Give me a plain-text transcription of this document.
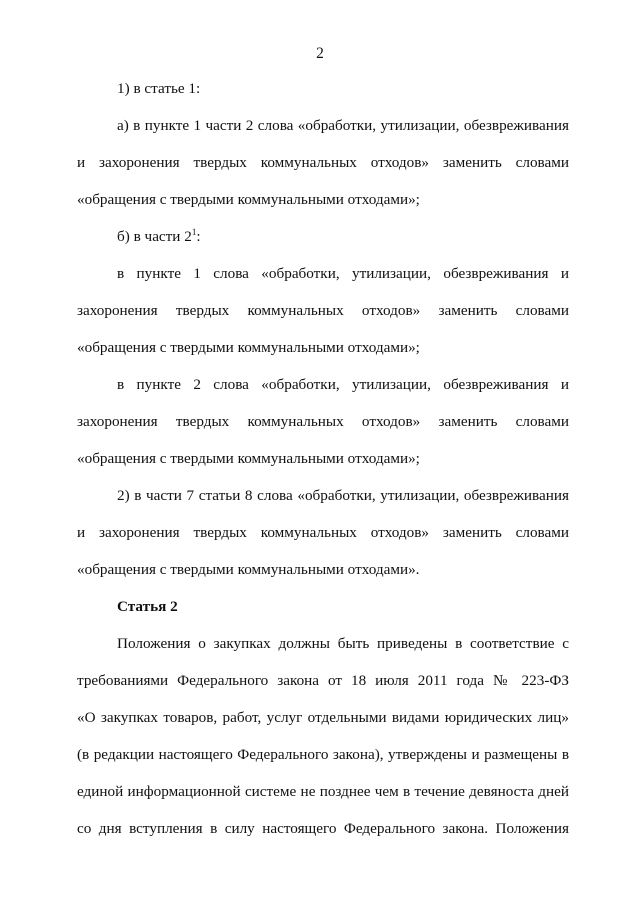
2
1) в статье 1:
а) в пункте 1 части 2 слова «обработки, утилизации, обезвреживания
и захоронения твердых коммунальных отходов» заменить словами
«обращения с твердыми коммунальными отходами»;
б) в части $2^1$:
в пункте 1 слова «обработки, утилизации, обезвреживания и
захоронения твердых коммунальных отходов» заменить словами
«обращения с твердыми коммунальными отходами»;
в пункте 2 слова «обработки, утилизации, обезвреживания и
захоронения твердых коммунальных отходов» заменить словами
«обращения с твердыми коммунальными отходами»;
2) в части 7 статьи 8 слова «обработки, утилизации, обезвреживания
и захоронения твердых коммунальных отходов» заменить словами
«обращения с твердыми коммунальными отходами».
Статья 2
Положения о закупках должны быть приведены в соответствие с
требованиями Федерального закона от 18 июля 2011 года № 223-ФЗ
«О закупках товаров, работ, услуг отдельными видами юридических лиц»
(в редакции настоящего Федерального закона), утверждены и размещены в
единой информационной системе не позднее чем в течение девяноста дней
со дня вступления в силу настоящего Федерального закона. Положения
